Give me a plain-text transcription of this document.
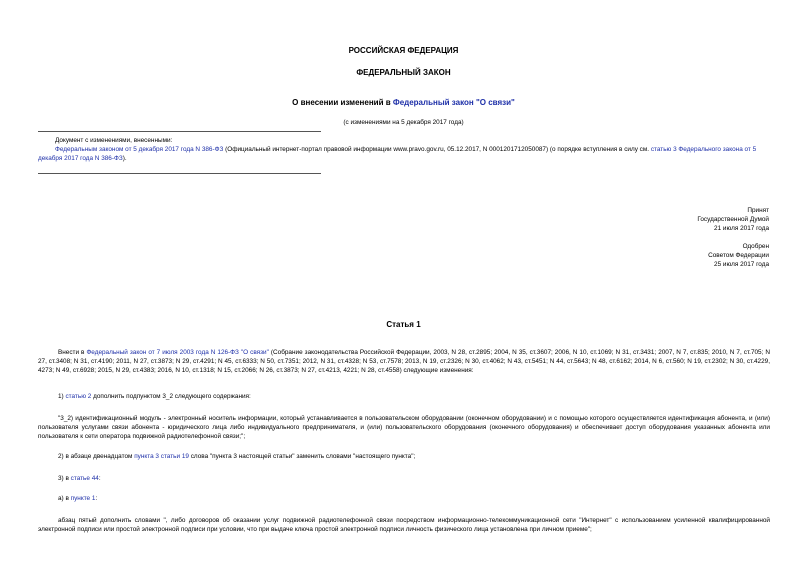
РОССИЙСКАЯ ФЕДЕРАЦИЯ
ФЕДЕРАЛЬНЫЙ ЗАКОН
О внесении изменений в Федеральный закон "О связи"
(с изменениями на 5 декабря 2017 года)
Документ с изменениями, внесенными:
Федеральным законом от 5 декабря 2017 года N 386-ФЗ (Официальный интернет-портал правовой информации www.pravo.gov.ru, 05.12.2017, N 0001201712050087) (о порядке вступления в силу см. статью 3 Федерального закона от 5 декабря 2017 года N 386-ФЗ).
Принят
Государственной Думой
21 июля 2017 года
Одобрен
Советом Федерации
25 июля 2017 года
Статья 1
Внести в Федеральный закон от 7 июля 2003 года N 126-ФЗ "О связи" (Собрание законодательства Российской Федерации, 2003, N 28, ст.2895; 2004, N 35, ст.3607; 2006, N 10, ст.1069; N 31, ст.3431; 2007, N 7, ст.835; 2010, N 7, ст.705; N 27, ст.3408; N 31, ст.4190; 2011, N 27, ст.3873; N 29, ст.4291; N 45, ст.6333; N 50, ст.7351; 2012, N 31, ст.4328; N 53, ст.7578; 2013, N 19, ст.2326; N 30, ст.4062; N 43, ст.5451; N 44, ст.5643; N 48, ст.6162; 2014, N 6, ст.560; N 19, ст.2302; N 30, ст.4229, 4273; N 49, ст.6928; 2015, N 29, ст.4383; 2016, N 10, ст.1318; N 15, ст.2066; N 26, ст.3873; N 27, ст.4213, 4221; N 28, ст.4558) следующие изменения:
1) статью 2 дополнить подпунктом 3_2 следующего содержания:
"3_2) идентификационный модуль - электронный носитель информации, который устанавливается в пользовательском оборудовании (оконечном оборудовании) и с помощью которого осуществляется идентификация абонента, и (или) пользователя услугами связи абонента - юридического лица либо индивидуального предпринимателя, и (или) пользовательского оборудования (оконечного оборудования) и обеспечивает доступ оборудования указанных абонента или пользователя к сети оператора подвижной радиотелефонной связи;";
2) в абзаце двенадцатом пункта 3 статьи 19 слова "пункта 3 настоящей статьи" заменить словами "настоящего пункта";
3) в статье 44:
а) в пункте 1:
абзац пятый дополнить словами ", либо договоров об оказании услуг подвижной радиотелефонной связи посредством информационно-телекоммуникационной сети "Интернет" с использованием усиленной квалифицированной электронной подписи или простой электронной подписи при условии, что при выдаче ключа простой электронной подписи личность физического лица установлена при личном приеме";
